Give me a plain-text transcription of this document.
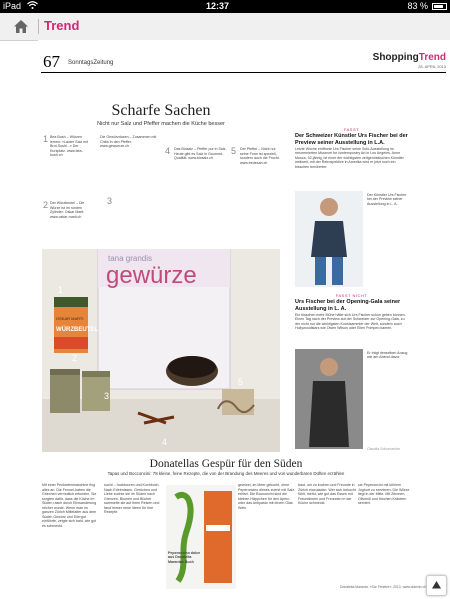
iPad	12:37	83 %
Trend
67 SonntagsZeitung	ShoppingTrend
28. APRIL 2013
Scharfe Sachen
Nicht nur Salz und Pfeffer machen die Küche besser
1 Bea Bush – Würzen lernen: «Lauter Salz mit Brot-Sushi...» Der Kursplatz. www.bea-bush.ch
2 Der Würzbeutel – Die Würze ist im runden Zylinder: Oskar Marti. www.oskar-marti.ch
3
Die Gewürzdosen – Zusammen mit Chilis in den Pfeffer. www.gewuerze.ch	4 Das Biosalz – Pfeffer pur in Salz. Heute gibt es Salz in Gourmet-Qualität. www.biosalz.ch
5 Der Pfeffer – Nicht nur seine Form ist speziell, sondern auch die Frucht. www.fredesan.ch
tana grandis
gewürze
OSKAR MARTI
WÜRZBEUTEL
2
3
5
4
1
FASST
Der Schweizer Künstler Urs Fischer bei der Preview seiner Ausstellung in L.A.
Letzte Woche eröffnete Urs Fischer seine Solo-Ausstellung im renommierten Museum for contemporary Art in Los Angeles. Anne Mosca, 52-jährig, ist einer der wichtigsten zeitgenössischen Künstler weltweit, mit der Retrospektive in Amerika wird er jetzt noch ein bisschen berühmter.
Der Künstler Urs Fischer bei der Preview seiner Ausstellung in L. A.
FASST NICHT
Urs Fischer bei der Opening-Gala seiner Ausstellung in L. A.
Ein bisschen mehr Mühe hätte sich Urs Fischer schon geben können. Einen Tag nach der Preview auf der Schweizer zur Opening-Gala, zu der nicht nur die wichtigsten Kunstsammler der Welt, sondern auch Hollywoodstars wie Owen Wilson oder Ellen Pompeo kamen.
Er trägt denselben Anzug wie am Abend davor.
Claudia Schumacher
Donatellas Gespür für den Süden
Tapas und Bocconcini: 78 kleine, feine Rezepte, die von der Brandung des Meeres und von wunderbaren Düften erzählen
Mit einer Peckartenmaschine fing alles an. Die Fennel-haben die Griechen vermutlich erfunden. Sie sorgten dafür, dass die Küche im Süden rasch durch Einwanderung reicher wurde. Wenn man im ganzen Zürich Mittelalter aus dem Süden Gewürz und Dörrgut einführte, zeigte sich bald, wie gut es schmeckt.
sucht – hochtouren und Kochbuch. Nach Erlebnissen, Gerüchen und Liebe suchte sie im Süden nach Grenzen. Blumen und Bücher sammelte sie auf ihren Reisen und fand immer neue Ideen für ihre Rezepte.
Peperoncino dolce aus Donatella Marantas Buch
gewürzt, im Meer gekocht, ohne Peperoncino dieses zuerst mit Salz erhitzt. Die Bocconcini sind die kleinen Häppchen für den Apéro oder das Antipasto mit einem Glas Wein.
baut, um zu kochen und Freunde in Zürich einzuladen. Wer sich bekocht fühlt, merkt, wie gut das Essen mit Freundinnen und Freunden in der Küche schmeckt.
sie Peperoncini mit kühlem Joghurt zu servieren. Die Würze liegt in der Mitte. Mit Zitronen, Olivenöl und frischen Kräutern serviert.
Donatella Maranta, «Sur Fenetre», 2013, www.oldrivin.ch
